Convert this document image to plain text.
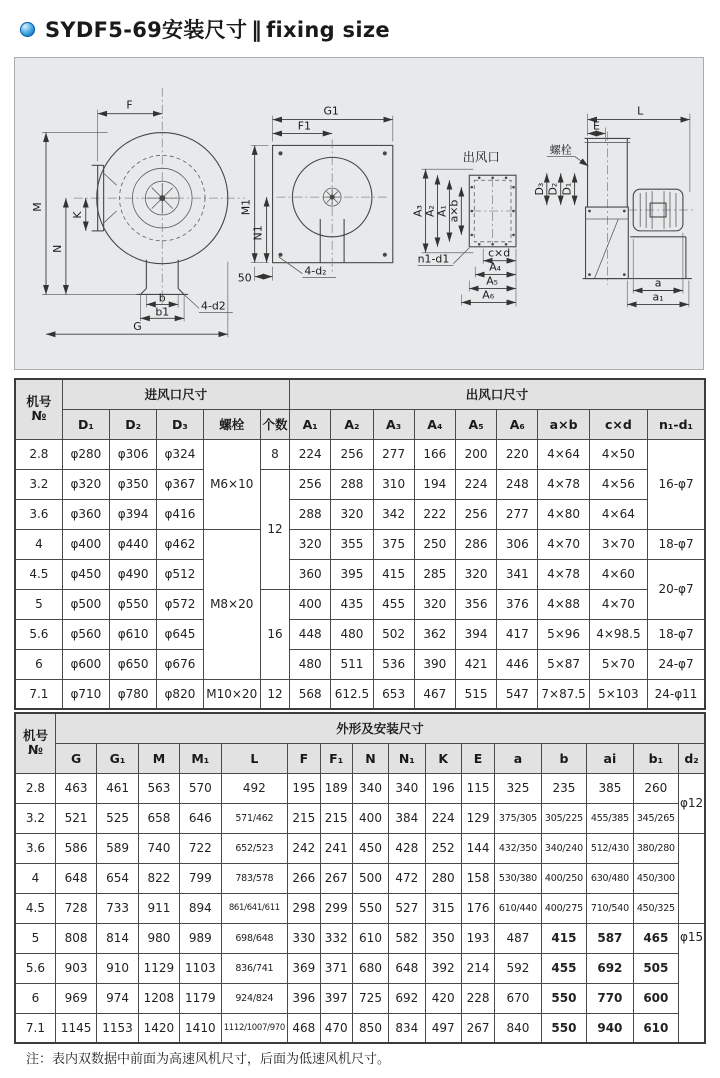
SYDF5-69安装尺寸 ‖ fixing size
F
M
N
K
b
b1
G
4-d2
G1
F1
M1
N1
50
4-d₂
出风口
A₃
A₂
A₁
a×b
c×d
A₄
A₅
A₆
n1-d1
L
E
螺栓
D₃ D₂ D₁
a
a₁
机号
№	进风口尺寸					出风口尺寸								
	D₁	D₂	D₃	螺栓	个数	A₁	A₂	A₃	A₄	A₅	A₆	a×b	c×d	n₁-d₁
2.8	φ280	φ306	φ324	M6×10	8	224	256	277	166	200	220	4×64	4×50	16-φ7
3.2	φ320	φ350	φ367		12	256	288	310	194	224	248	4×78	4×56	
3.6	φ360	φ394	φ416			288	320	342	222	256	277	4×80	4×64	
4	φ400	φ440	φ462	M8×20		320	355	375	250	286	306	4×70	3×70	18-φ7
4.5	φ450	φ490	φ512			360	395	415	285	320	341	4×78	4×60	20-φ7
5	φ500	φ550	φ572		16	400	435	455	320	356	376	4×88	4×70	
5.6	φ560	φ610	φ645			448	480	502	362	394	417	5×96	4×98.5	18-φ7
6	φ600	φ650	φ676			480	511	536	390	421	446	5×87	5×70	24-φ7
7.1	φ710	φ780	φ820	M10×20	12	568	612.5	653	467	515	547	7×87.5	5×103	24-φ11
机号
№	外形及安装尺寸															
	G	G₁	M	M₁	L	F	F₁	N	N₁	K	E	a	b	ai	b₁	d₂
2.8	463	461	563	570	492	195	189	340	340	196	115	325	235	385	260	φ12
3.2	521	525	658	646	571/462	215	215	400	384	224	129	375/305	305/225	455/385	345/265	
3.6	586	589	740	722	652/523	242	241	450	428	252	144	432/350	340/240	512/430	380/280	
4	648	654	822	799	783/578	266	267	500	472	280	158	530/380	400/250	630/480	450/300	
4.5	728	733	911	894	861/641/611	298	299	550	527	315	176	610/440	400/275	710/540	450/325	
5	808	814	980	989	698/648	330	332	610	582	350	193	487	415	587	465	φ15
5.6	903	910	1129	1103	836/741	369	371	680	648	392	214	592	455	692	505	
6	969	974	1208	1179	924/824	396	397	725	692	420	228	670	550	770	600	
7.1	1145	1153	1420	1410	1112/1007/970	468	470	850	834	497	267	840	550	940	610	

注：表内双数据中前面为高速风机尺寸，后面为低速风机尺寸。
